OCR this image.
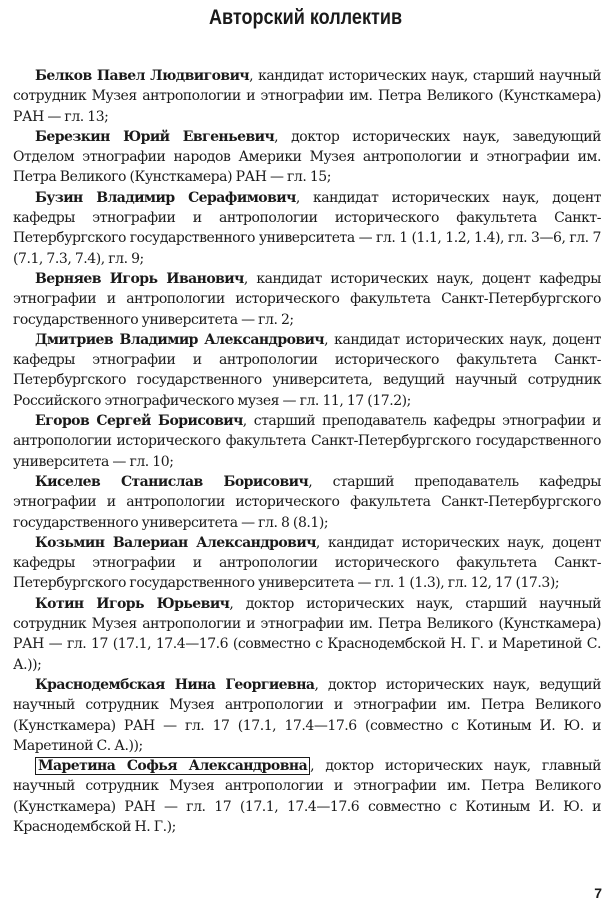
Авторский коллектив

Белков Павел Людвигович, кандидат исторических наук, старший научный сотрудник Музея антропологии и этнографии им. Петра Великого (Кунсткамера) РАН — гл. 13;

Березкин Юрий Евгеньевич, доктор исторических наук, заведующий Отделом этнографии народов Америки Музея антропологии и этнографии им. Петра Великого (Кунсткамера) РАН — гл. 15;

Бузин Владимир Серафимович, кандидат исторических наук, доцент кафедры этнографии и антропологии исторического факультета Санкт-Петербургского государственного университета — гл. 1 (1.1, 1.2, 1.4), гл. 3—6, гл. 7 (7.1, 7.3, 7.4), гл. 9;

Верняев Игорь Иванович, кандидат исторических наук, доцент кафедры этнографии и антропологии исторического факультета Санкт-Петербургского государственного университета — гл. 2;

Дмитриев Владимир Александрович, кандидат исторических наук, доцент кафедры этнографии и антропологии исторического факультета Санкт-Петербургского государственного университета, ведущий научный сотрудник Российского этнографического музея — гл. 11, 17 (17.2);

Егоров Сергей Борисович, старший преподаватель кафедры этнографии и антропологии исторического факультета Санкт-Петербургского государственного университета — гл. 10;

Киселев Станислав Борисович, старший преподаватель кафедры этнографии и антропологии исторического факультета Санкт-Петербургского государственного университета — гл. 8 (8.1);

Козьмин Валериан Александрович, кандидат исторических наук, доцент кафедры этнографии и антропологии исторического факультета Санкт-Петербургского государственного университета — гл. 1 (1.3), гл. 12, 17 (17.3);

Котин Игорь Юрьевич, доктор исторических наук, старший научный сотрудник Музея антропологии и этнографии им. Петра Великого (Кунсткамера) РАН — гл. 17 (17.1, 17.4—17.6 (совместно с Краснодембской Н. Г. и Маретиной С. А.));

Краснодембская Нина Георгиевна, доктор исторических наук, ведущий научный сотрудник Музея антропологии и этнографии им. Петра Великого (Кунсткамера) РАН — гл. 17 (17.1, 17.4—17.6 (совместно с Котиным И. Ю. и Маретиной С. А.));

Маретина Софья Александровна , доктор исторических наук, главный научный сотрудник Музея антропологии и этнографии им. Петра Великого (Кунсткамера) РАН — гл. 17 (17.1, 17.4—17.6 совместно с Котиным И. Ю. и Краснодембской Н. Г.);

7
